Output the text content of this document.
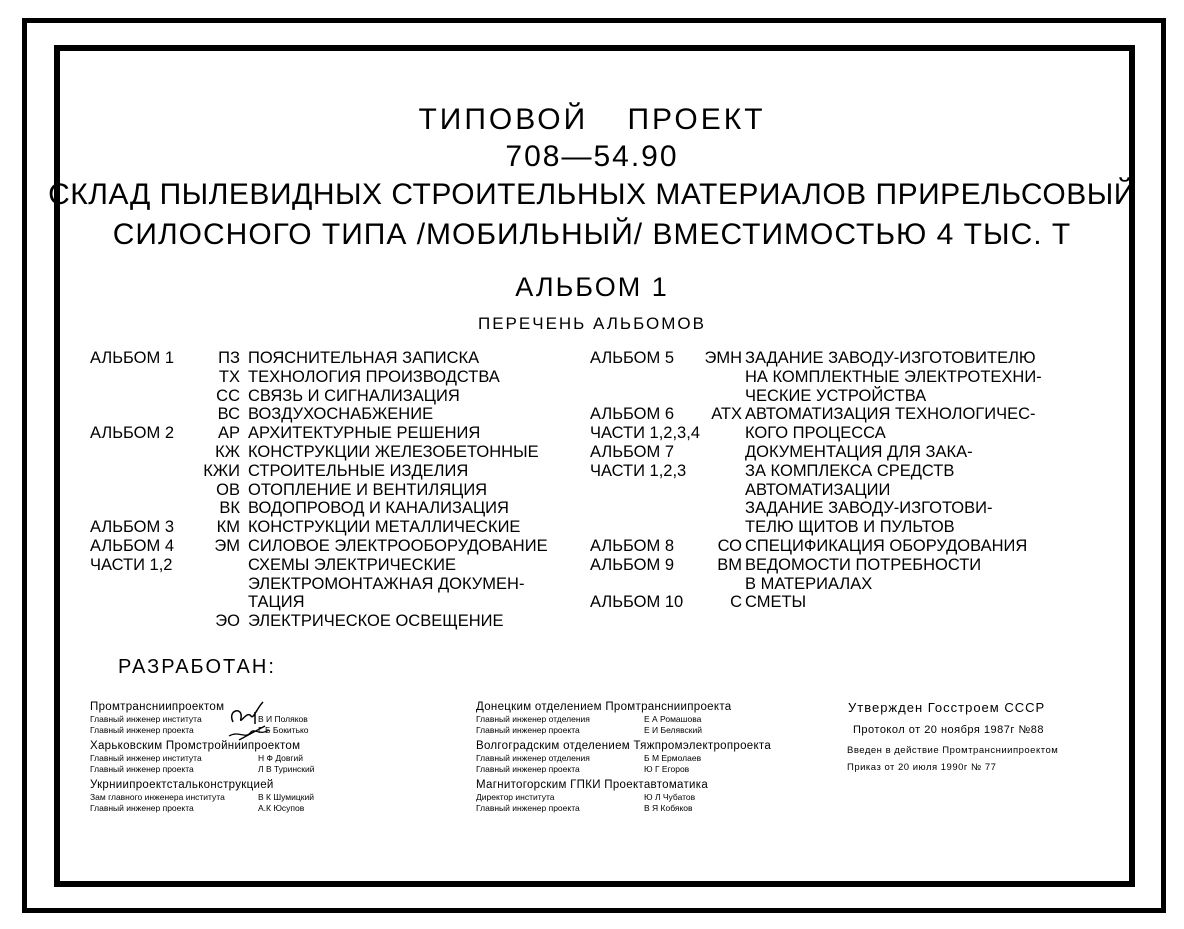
ТИПОВОЙ ПРОЕКТ
708—54.90
СКЛАД ПЫЛЕВИДНЫХ СТРОИТЕЛЬНЫХ МАТЕРИАЛОВ ПРИРЕЛЬСОВЫЙ
СИЛОСНОГО ТИПА /МОБИЛЬНЫЙ/ ВМЕСТИМОСТЬЮ 4 ТЫС. Т
АЛЬБОМ 1
ПЕРЕЧЕНЬ АЛЬБОМОВ
АЛЬБОМ 1	ПЗ ПОЯСНИТЕЛЬНАЯ ЗАПИСКА
ТХ ТЕХНОЛОГИЯ ПРОИЗВОДСТВА
СС СВЯЗЬ И СИГНАЛИЗАЦИЯ
ВС ВОЗДУХОСНАБЖЕНИЕ
АЛЬБОМ 2	АР АРХИТЕКТУРНЫЕ РЕШЕНИЯ
КЖ КОНСТРУКЦИИ ЖЕЛЕЗОБЕТОННЫЕ
КЖИ СТРОИТЕЛЬНЫЕ ИЗДЕЛИЯ
ОВ ОТОПЛЕНИЕ И ВЕНТИЛЯЦИЯ
ВК ВОДОПРОВОД И КАНАЛИЗАЦИЯ
АЛЬБОМ 3	КМ КОНСТРУКЦИИ МЕТАЛЛИЧЕСКИЕ
АЛЬБОМ 4 ЭМ СИЛОВОЕ ЭЛЕКТРООБОРУДОВАНИЕ
ЧАСТИ 1,2	СХЕМЫ ЭЛЕКТРИЧЕСКИЕ
ЭЛЕКТРОМОНТАЖНАЯ ДОКУМЕН-
ТАЦИЯ
ЭО ЭЛЕКТРИЧЕСКОЕ ОСВЕЩЕНИЕ
АЛЬБОМ 5 ЭМН ЗАДАНИЕ ЗАВОДУ-ИЗГОТОВИТЕЛЮ
НА КОМПЛЕКТНЫЕ ЭЛЕКТРОТЕХНИ-
ЧЕСКИЕ УСТРОЙСТВА
АЛЬБОМ 6 АТХ АВТОМАТИЗАЦИЯ ТЕХНОЛОГИЧЕС-
ЧАСТИ 1,2,3,4	КОГО ПРОЦЕССА
АЛЬБОМ 7	ДОКУМЕНТАЦИЯ ДЛЯ ЗАКА-
ЧАСТИ 1,2,3	ЗА КОМПЛЕКСА СРЕДСТВ
АВТОМАТИЗАЦИИ
ЗАДАНИЕ ЗАВОДУ-ИЗГОТОВИ-
ТЕЛЮ ЩИТОВ И ПУЛЬТОВ
АЛЬБОМ 8	СО СПЕЦИФИКАЦИЯ ОБОРУДОВАНИЯ
АЛЬБОМ 9	ВМ ВЕДОМОСТИ ПОТРЕБНОСТИ
В МАТЕРИАЛАХ
АЛЬБОМ 10	С СМЕТЫ
РАЗРАБОТАН:
Промтрансниипроектом
Главный инженер института	В И Поляков
Главный инженер проекта	Г Б Бокитько
Харьковским Промстройниипроектом
Главный инженер института	Н Ф Довгий
Главный инженер проекта	Л В Туринский
Укрниипроектстальконструкцией
Зам главного инженера института	В К Шумицкий
Главный инженер проекта	А.К Юсупов
Донецким отделением Промтрансниипроекта
Главный инженер отделения	Е А Ромашова
Главный инженер проекта	Е И Белявский
Волгоградским отделением Тяжпромэлектропроекта
Главный инженер отделения	Б М Ермолаев
Главный инженер проекта	Ю Г Егоров
Магнитогорским ГПКИ Проектавтоматика
Директор института	Ю Л Чубатов
Главный инженер проекта	В Я Кобяков
Утвержден Госстроем СССР
Протокол от 20 ноября 1987г №88
Введен в действие Промтрансниипроектом
Приказ от 20 июля 1990г № 77
